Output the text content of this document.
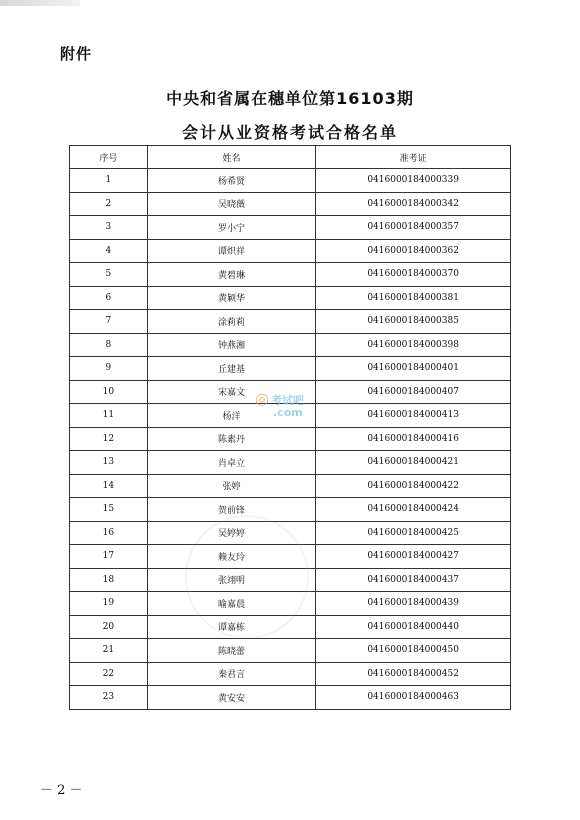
附件
中央和省属在穗单位第16103期
会计从业资格考试合格名单
序号	姓名	准考证
1	杨希贤	0416000184000339
2	吴晓薇	0416000184000342
3	罗小宁	0416000184000357
4	谭炽祥	0416000184000362
5	黄碧琳	0416000184000370
6	黄颖华	0416000184000381
7	涂莉莉	0416000184000385
8	钟燕湘	0416000184000398
9	丘建基	0416000184000401
10	宋嘉文	0416000184000407
11	杨洋	0416000184000413
12	陈素丹	0416000184000416
13	肖卓立	0416000184000421
14	张婷	0416000184000422
15	贺前锋	0416000184000424
16	吴婷婷	0416000184000425
17	赖友玲	0416000184000427
18	张翊明	0416000184000437
19	喻嘉晨	0416000184000439
20	谭嘉栋	0416000184000440
21	陈晓蕾	0416000184000450
22	秦君言	0416000184000452
23	黄安安	0416000184000463
◎ 考试吧
.com
－ 2 －
